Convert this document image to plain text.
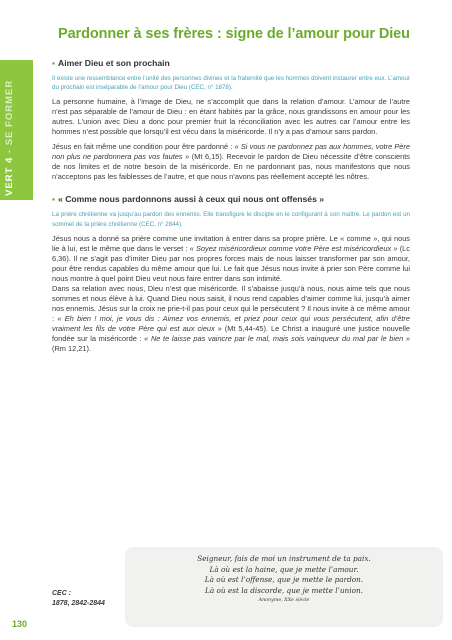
VERT 4 - SE FORMER
Pardonner à ses frères : signe de l’amour pour Dieu
▪ Aimer Dieu et son prochain
Il existe une ressemblance entre l’unité des personnes divines et la fraternité que les hommes doivent instaurer entre eux. L’amour du prochain est inséparable de l’amour pour Dieu (CEC, n° 1878).

La personne humaine, à l’image de Dieu, ne s’accomplit que dans la relation d’amour. L’amour de l’autre n’est pas séparable de l’amour de Dieu : en étant habités par la grâce, nous grandissons en amour pour les autres. L’union avec Dieu a donc pour premier fruit la réconciliation avec les autres car l’amour entre les hommes n’est possible que lorsqu’il est vécu dans la miséricorde. Il n’y a pas d’amour sans pardon.

Jésus en fait même une condition pour être pardonné : « Si vous ne pardonnez pas aux hommes, votre Père non plus ne pardonnera pas vos fautes » (Mt 6,15). Recevoir le pardon de Dieu nécessite d’être conscients de nos limites et de notre besoin de la miséricorde. En ne pardonnant pas, nous manifestons que nous n’acceptons pas les faiblesses de l’autre, et que nous n’avons pas réellement accepté les nôtres.

▪ « Comme nous pardonnons aussi à ceux qui nous ont offensés »
La prière chrétienne va jusqu’au pardon des ennemis. Elle transfigure le disciple en le configurant à son maître. Le pardon est un sommet de la prière chrétienne (CEC, n° 2844).

Jésus nous a donné sa prière comme une invitation à entrer dans sa propre prière. Le « comme », qui nous lie à lui, est le même que dans le verset : « Soyez miséricordieux comme votre Père est miséricordieux » (Lc 6,36). Il ne s’agit pas d’imiter Dieu par nos propres forces mais de nous laisser transformer par son amour, pour être rendus capables du même amour que lui. Le fait que Jésus nous invite à prier son Père comme lui nous montre à quel point Dieu veut nous faire entrer dans son intimité.

Dans sa relation avec nous, Dieu n’est que miséricorde. Il s’abaisse jusqu’à nous, nous aime tels que nous sommes et nous élève à lui. Quand Dieu nous saisit, il nous rend capables d’aimer comme lui, jusqu’à aimer nos ennemis. Jésus sur la croix ne prie-t-il pas pour ceux qui le persécutent ? Il nous invite à ce même amour : « Eh bien ! moi, je vous dis : Aimez vos ennemis, et priez pour ceux qui vous persécutent, afin d’être vraiment les fils de votre Père qui est aux cieux » (Mt 5,44-45). Le Christ a inauguré une justice nouvelle fondée sur la miséricorde : « Ne te laisse pas vaincre par le mal, mais sois vainqueur du mal par le bien » (Rm 12,21).

Seigneur, fais de moi un instrument de ta paix.
Là où est la haine, que je mette l’amour.
Là où est l’offense, que je mette le pardon.
Là où est la discorde, que je mette l’union.
Anonyme, XXe siècle
CEC :
1878, 2842-2844
130
